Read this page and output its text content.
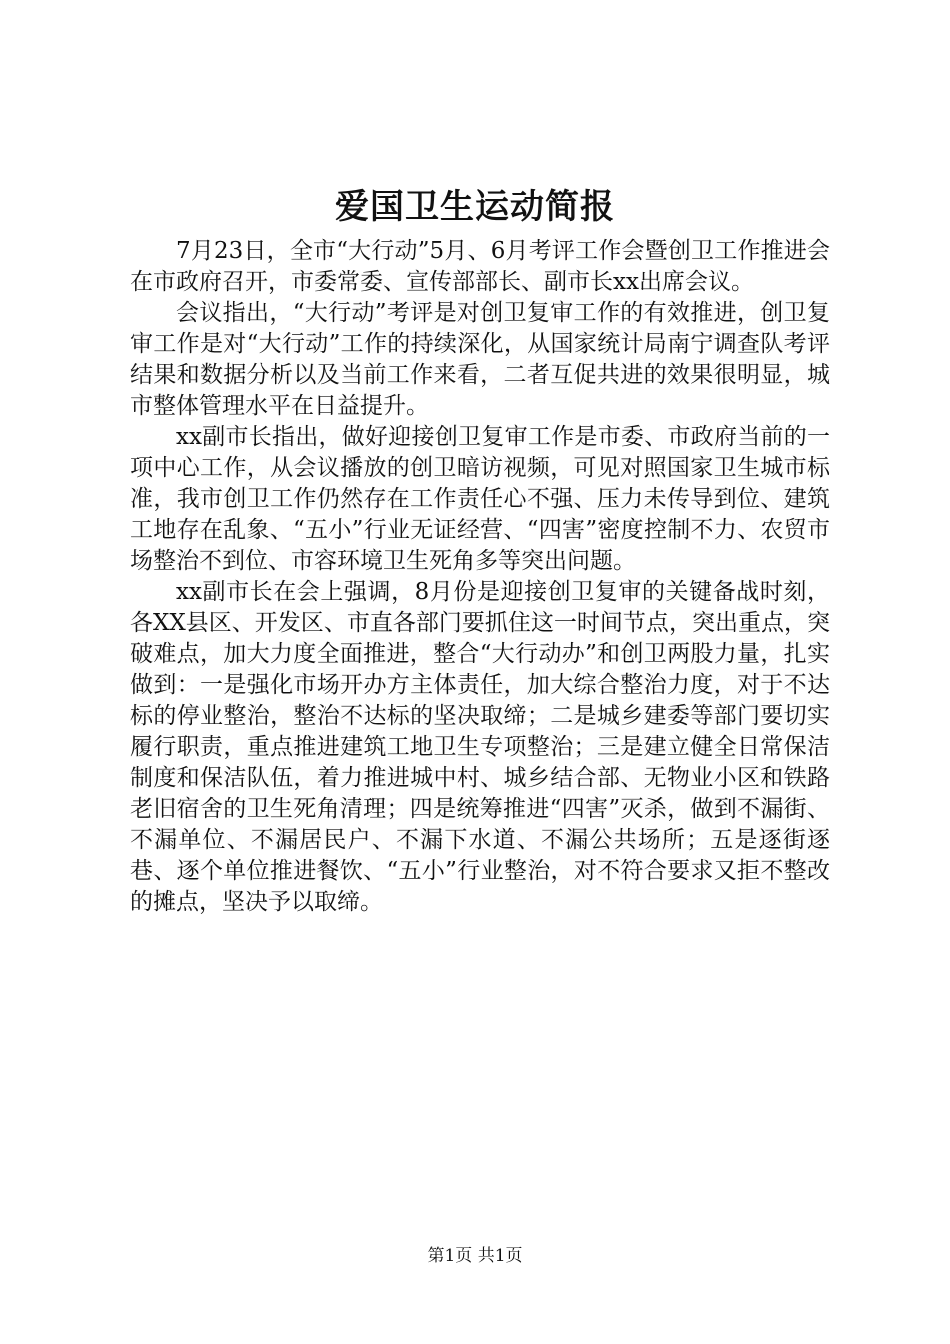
爱国卫生运动简报

7月23日，全市“大行动”5月、6月考评工作会暨创卫工作推进会在市政府召开，市委常委、宣传部部长、副市长xx出席会议。

会议指出，“大行动”考评是对创卫复审工作的有效推进，创卫复审工作是对“大行动”工作的持续深化，从国家统计局南宁调查队考评结果和数据分析以及当前工作来看，二者互促共进的效果很明显，城市整体管理水平在日益提升。

xx副市长指出，做好迎接创卫复审工作是市委、市政府当前的一项中心工作，从会议播放的创卫暗访视频，可见对照国家卫生城市标准，我市创卫工作仍然存在工作责任心不强、压力未传导到位、建筑工地存在乱象、“五小”行业无证经营、“四害”密度控制不力、农贸市场整治不到位、市容环境卫生死角多等突出问题。

xx副市长在会上强调，8月份是迎接创卫复审的关键备战时刻，各XX县区、开发区、市直各部门要抓住这一时间节点，突出重点，突破难点，加大力度全面推进，整合“大行动办”和创卫两股力量，扎实做到：一是强化市场开办方主体责任，加大综合整治力度，对于不达标的停业整治，整治不达标的坚决取缔；二是城乡建委等部门要切实履行职责，重点推进建筑工地卫生专项整治；三是建立健全日常保洁制度和保洁队伍，着力推进城中村、城乡结合部、无物业小区和铁路老旧宿舍的卫生死角清理；四是统筹推进“四害”灭杀，做到不漏街、不漏单位、不漏居民户、不漏下水道、不漏公共场所；五是逐街逐巷、逐个单位推进餐饮、“五小”行业整治，对不符合要求又拒不整改的摊点，坚决予以取缔。

第1页 共1页
